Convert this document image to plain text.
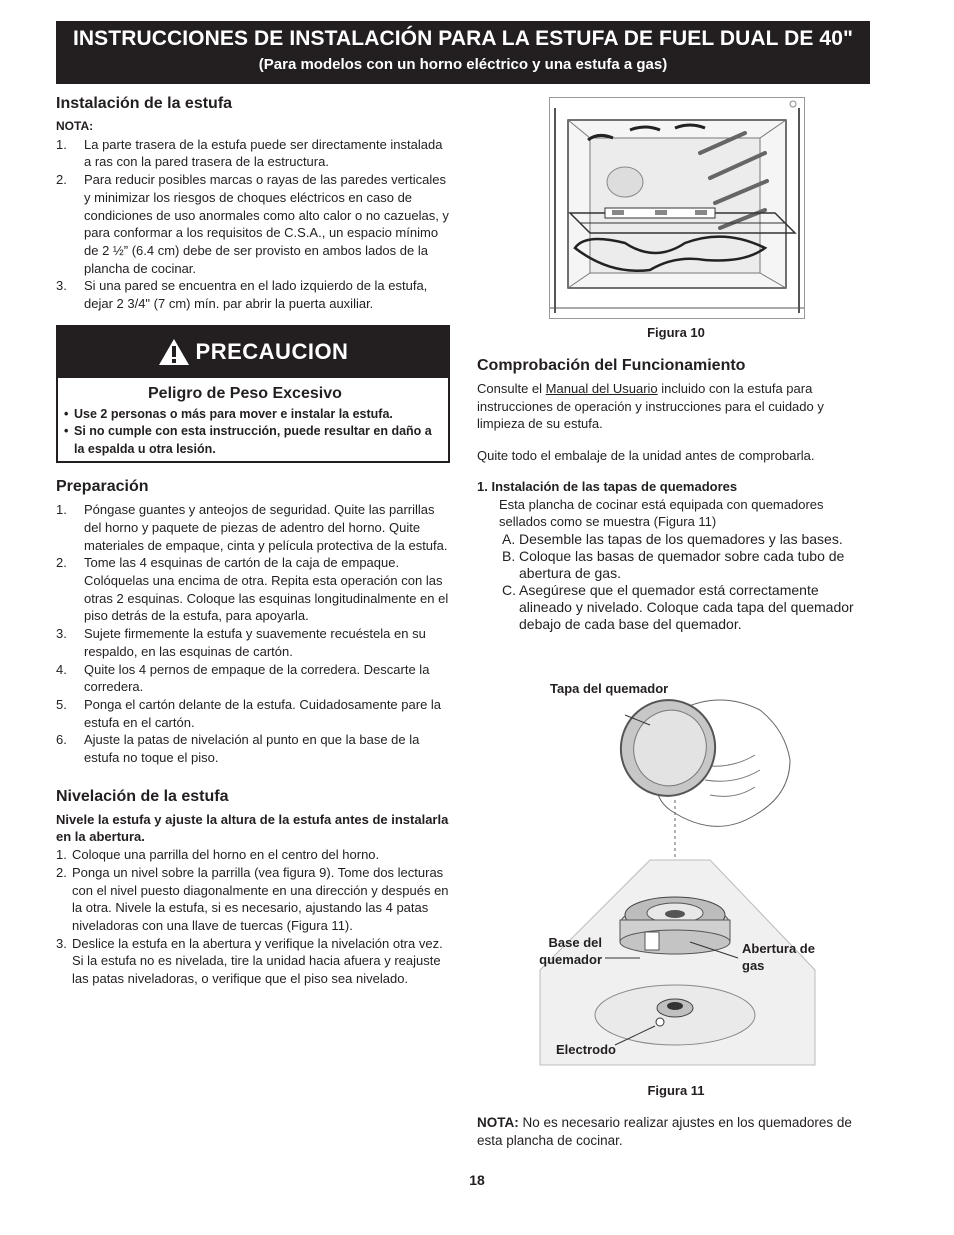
INSTRUCCIONES DE INSTALACIÓN PARA LA ESTUFA DE FUEL DUAL DE 40"
(Para modelos con un horno eléctrico y una estufa a gas)
Instalación de la estufa
NOTA:
1. La parte trasera de la estufa puede ser directamente instalada a ras con la pared trasera de la estructura.
2. Para reducir posibles marcas o rayas de las paredes verticales y minimizar los riesgos de choques eléctricos en caso de condiciones de uso anormales como alto calor o no cazuelas, y para conformar a los requisitos de C.S.A., un espacio mínimo de 2 ½” (6.4 cm) debe de ser provisto en ambos lados de la plancha de cocinar.
3. Si una pared se encuentra en el lado izquierdo de la estufa, dejar 2 3/4" (7 cm) mín. par abrir la puerta auxiliar.
PRECAUCION
Peligro de Peso Excesivo
• Use 2 personas o más para mover e instalar la estufa.
• Si no cumple con esta instrucción, puede resultar en daño a la espalda u otra lesión.
Preparación
1. Póngase guantes y anteojos de seguridad. Quite las parrillas del horno y paquete de piezas de adentro del horno. Quite materiales de empaque, cinta y película protectiva de la estufa.
2. Tome las 4 esquinas de cartón de la caja de empaque. Colóquelas una encima de otra. Repita esta operación con las otras 2 esquinas. Coloque las esquinas longitudinalmente en el piso detrás de la estufa, para apoyarla.
3. Sujete firmemente la estufa y suavemente recuéstela en su respaldo, en las esquinas de cartón.
4. Quite los 4 pernos de empaque de la corredera. Descarte la corredera.
5. Ponga el cartón delante de la estufa. Cuidadosamente pare la estufa en el cartón.
6. Ajuste la patas de nivelación al punto en que la base de la estufa no toque el piso.
Nivelación de la estufa
Nivele la estufa y ajuste la altura de la estufa antes de instalarla en la abertura.
1. Coloque una parrilla del horno en el centro del horno.
2. Ponga un nivel sobre la parrilla (vea figura 9). Tome dos lecturas con el nivel puesto diagonalmente en una dirección y después en la otra. Nivele la estufa, si es necesario, ajustando las 4 patas niveladoras con una llave de tuercas (Figura 11).
3. Deslice la estufa en la abertura y verifique la nivelación otra vez. Si la estufa no es nivelada, tire la unidad hacia afuera y reajuste las patas niveladoras, o verifique que el piso sea nivelado.
Figura 10
Comprobación del Funcionamiento
Consulte el Manual del Usuario incluido con la estufa para instrucciones de operación y instrucciones para el cuidado y limpieza de su estufa.
Quite todo el embalaje de la unidad antes de comprobarla.
1. Instalación de las tapas de quemadores
Esta plancha de cocinar está equipada con quemadores sellados como se muestra (Figura 11)
A. Desemble las tapas de los quemadores y las bases.
B. Coloque las basas de quemador sobre cada tubo de abertura de gas.
C. Asegúrese que el quemador está correctamente alineado y nivelado. Coloque cada tapa del quemador debajo de cada base del quemador.
Tapa del quemador
Base del quemador
Abertura de gas
Electrodo
Figura 11
NOTA: No es necesario realizar ajustes en los quemadores de esta plancha de cocinar.
18
